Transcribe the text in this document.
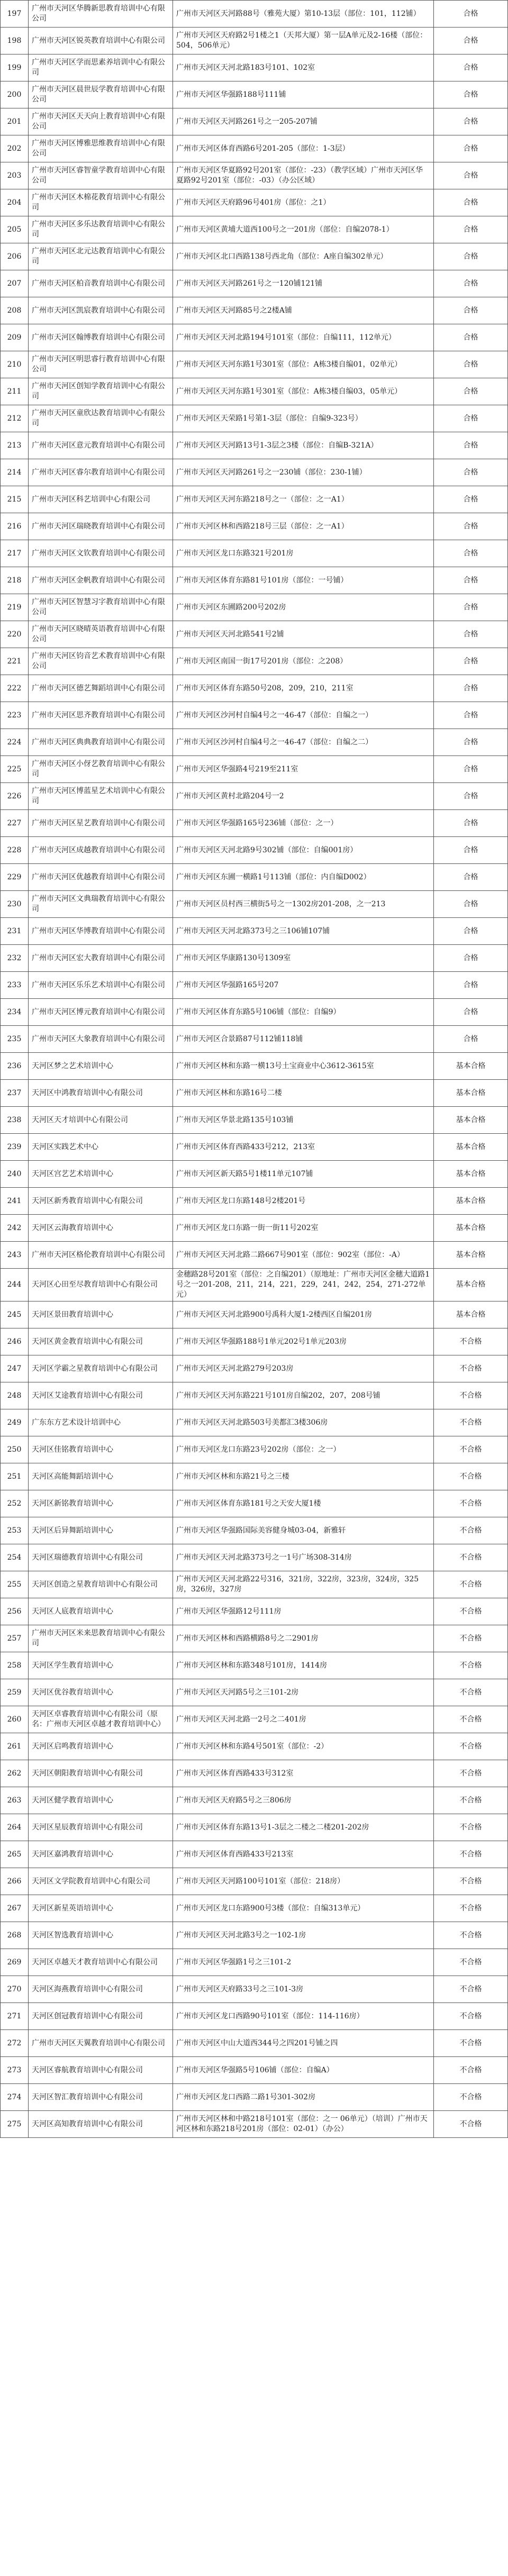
197	广州市天河区华腾新思教育培训中心有限公司	广州市天河区天河路88号（雅苑大厦）第10-13层（部位：101，112铺）	合格
198	广州市天河区锐英教育培训中心有限公司	广州市天河区天府路2号1楼之1（天邦大厦）第一层A单元及2-16楼（部位：504，506单元）	合格
199	广州市天河区学而思素养培训中心有限公司	广州市天河区天河北路183号101、102室	合格
200	广州市天河区晨世辰学教育培训中心有限公司	广州市天河区华强路188号111铺	合格
201	广州市天河区天天向上教育培训中心有限公司	广州市天河区天河路261号之一205-207铺	合格
202	广州市天河区博雅思维教育培训中心有限公司	广州市天河区体育西路6号201-205（部位：1-3层）	合格
203	广州市天河区睿智童学教育培训中心有限公司	广州市天河区华夏路92号201室（部位：-23）（教学区域）广州市天河区华夏路92号201室（部位：-03）（办公区域）	合格
204	广州市天河区木棉花教育培训中心有限公司	广州市天河区天府路96号401房（部位：之1）	合格
205	广州市天河区多乐达教育培训中心有限公司	广州市天河区黄埔大道西100号之一201房（部位：自编2078-1）	合格
206	广州市天河区北元达教育培训中心有限公司	广州市天河区北口西路138号西北角（部位：A座自编302单元）	合格
207	广州市天河区柏音教育培训中心有限公司	广州市天河区天河路261号之一120铺121铺	合格
208	广州市天河区凯宸教育培训中心有限公司	广州市天河区天河路85号之2楼A铺	合格
209	广州市天河区翰博教育培训中心有限公司	广州市天河区天河北路194号101室（部位：自编111，112单元）	合格
210	广州市天河区明思睿行教育培训中心有限公司	广州市天河区天河东路1号301室（部位：A栋3楼自编01，02单元）	合格
211	广州市天河区创知学教育培训中心有限公司	广州市天河区天河东路1号301室（部位：A栋3楼自编03，05单元）	合格
212	广州市天河区童欣达教育培训中心有限公司	广州市天河区天荣路1号第1-3层（部位：自编9-323号）	合格
213	广州市天河区意元教育培训中心有限公司	广州市天河区天河路13号1-3层之3楼（部位：自编B-321A）	合格
214	广州市天河区睿尔教育培训中心有限公司	广州市天河区天河路261号之一230铺（部位：230-1铺）	合格
215	广州市天河区科艺培训中心有限公司	广州市天河区天河东路218号之一（部位：之一A1）	合格
216	广州市天河区瑞晓教育培训中心有限公司	广州市天河区林和西路218号三层（部位：之一A1）	合格
217	广州市天河区文钦教育培训中心有限公司	广州市天河区龙口东路321号201房	合格
218	广州市天河区金帆教育培训中心有限公司	广州市天河区体育东路81号101房（部位：一号铺）	合格
219	广州市天河区智慧习字教育培训中心有限公司	广州市天河区东圃路200号202房	合格
220	广州市天河区晓晴英语教育培训中心有限公司	广州市天河区天河北路541号2铺	合格
221	广州市天河区钧音艺术教育培训中心有限公司	广州市天河区南国一街17号201房（部位：之208）	合格
222	广州市天河区德艺舞蹈培训中心有限公司	广州市天河区体育东路50号208，209，210，211室	合格
223	广州市天河区思齐教育培训中心有限公司	广州市天河区沙河村自编4号之一46-47（部位：自编之一）	合格
224	广州市天河区典典教育培训中心有限公司	广州市天河区沙河村自编4号之一46-47（部位：自编之二）	合格
225	广州市天河区小伢艺教育培训中心有限公司	广州市天河区华强路4号219至211室	合格
226	广州市天河区博蓝星艺术培训中心有限公司	广州市天河区黄村北路204号一2	合格
227	广州市天河区星艺教育培训中心有限公司	广州市天河区华强路165号236铺（部位：之一）	合格
228	广州市天河区成越教育培训中心有限公司	广州市天河区天河北路9号302铺（部位：自编001房）	合格
229	广州市天河区优越教育培训中心有限公司	广州市天河区东圃一横路1号113铺（部位：内自编D002）	合格
230	广州市天河区文典瑞教育培训中心有限公司	广州市天河区员村西三横街5号之一1302房201-208，之一213	合格
231	广州市天河区华博教育培训中心有限公司	广州市天河区天河北路373号之三106铺107铺	合格
232	广州市天河区宏大教育培训中心有限公司	广州市天河区华康路130号1309室	合格
233	广州市天河区乐乐艺术培训中心有限公司	广州市天河区华强路165号207	合格
234	广州市天河区博元教育培训中心有限公司	广州市天河区体育东路5号106铺（部位：自编9）	合格
235	广州市天河区大象教育培训中心有限公司	广州市天河区合景路87号112铺118铺	合格
236	天河区梦之艺术培训中心	广州市天河区林和东路一横13号土宝商业中心3612-3615室	基本合格
237	天河区中鸿教育培训中心有限公司	广州市天河区林和东路16号二楼	基本合格
238	天河区天才培训中心有限公司	广州市天河区华景北路135号103铺	基本合格
239	天河区实践艺术中心	广州市天河区体育西路433号212，213室	基本合格
240	天河区宫艺艺术培训中心	广州市天河区新天路5号1楼11单元107铺	基本合格
241	天河区新秀教育培训中心有限公司	广州市天河区龙口东路148号2楼201号	基本合格
242	天河区云海教育培训中心	广州市天河区龙口东路一街一街11号202室	基本合格
243	广州市天河区格伦教育培训中心有限公司	广州市天河区天河北路二路667号901室（部位：902室（部位：-A）	基本合格
244	天河区心田至尽教育培训中心有限公司	金穗路28号201室（部位：之自编201）（原地址：广州市天河区金穗大道路1号之一201-208，211，214，221，229，241，242，254，271-272单元）	基本合格
245	天河区景田教育培训中心	广州市天河区天河北路900号禹科大厦1-2楼西区自编201房	基本合格
246	天河区黄金教育培训中心有限公司	广州市天河区华强路188号1单元202号1单元203房	不合格
247	天河区学霸之星教育培训中心有限公司	广州市天河区天河北路279号203房	不合格
248	天河区艾途教育培训中心有限公司	广州市天河区天河东路221号101房自编202，207，208号铺	不合格
249	广东东方艺术设计培训中心	广州市天河区天河北路503号美都汇3楼306房	不合格
250	天河区佳铭教育培训中心	广州市天河区龙口东路23号202房（部位：之一）	不合格
251	天河区高能舞蹈培训中心	广州市天河区林和东路21号之三楼	不合格
252	天河区新铭教育培训中心	广州市天河区体育东路181号之天安大厦1楼	不合格
253	天河区后异舞蹈培训中心	广州市天河区华强路国际美容健身城03-04，新雅轩	不合格
254	天河区瑞德教育培训中心有限公司	广州市天河区天河北路373号之一1号广场308-314房	不合格
255	天河区创造之星教育培训中心有限公司	广州市天河区天河北路22号316，321房，322房，323房，324房，325房，326房，327房	不合格
256	天河区人底教育培训中心	广州市天河区华强路12号111房	不合格
257	广州市天河区米来思教育培训中心有限公司	广州市天河区林和西路横路8号之二2901房	不合格
258	天河区学生教育培训中心	广州市天河区林和东路348号101房，1414房	不合格
259	天河区优谷教育培训中心	广州市天河区天河路5号之三101-2房	不合格
260	天河区卓睿教育培训中心有限公司（原名：广州市天河区卓越才教育培训中心）	广州市天河区天河北路一2号之二401房	不合格
261	天河区启鸣教育培训中心	广州市天河区林和东路4号501室（部位：-2）	不合格
262	天河区朝阳教育培训中心有限公司	广州市天河区体育西路433号312室	不合格
263	天河区健学教育培训中心	广州市天河区天府路5号之三806房	不合格
264	天河区星辰教育培训中心有限公司	广州市天河区体育东路13号1-3层之二楼之二楼201-202房	不合格
265	天河区嘉鸿教育培训中心	广州市天河区体育西路433号213室	不合格
266	天河区文学院教育培训中心有限公司	广州市天河区天河路100号101室（部位：218房）	不合格
267	天河区新星英语培训中心	广州市天河区龙口东路900号3楼（部位：自编313单元）	不合格
268	天河区智选教育培训中心	广州市天河区天河北路3号之一102-1房	不合格
269	天河区卓越天才教育培训中心有限公司	广州市天河区华强路1号之三101-2	不合格
270	天河区海燕教育培训中心有限公司	广州市天河区天府路33号之三101-3房	不合格
271	天河区创冠教育培训中心有限公司	广州市天河区龙口西路90号101室（部位：114-116房）	不合格
272	广州市天河区天翼教育培训中心有限公司	广州市天河区中山大道西344号之四201号铺之四	不合格
273	天河区睿航教育培训中心有限公司	广州市天河区华强路5号106铺（部位：自编A）	不合格
274	天河区智汇教育培训中心有限公司	广州市天河区龙口西路二路1号301-302房	不合格
275	天河区高知教育培训中心有限公司	广州市天河区林和中路218号101室（部位：之一 06单元）（培训）广州市天河区林和东路218号201房（部位：02-01）（办公）	不合格
